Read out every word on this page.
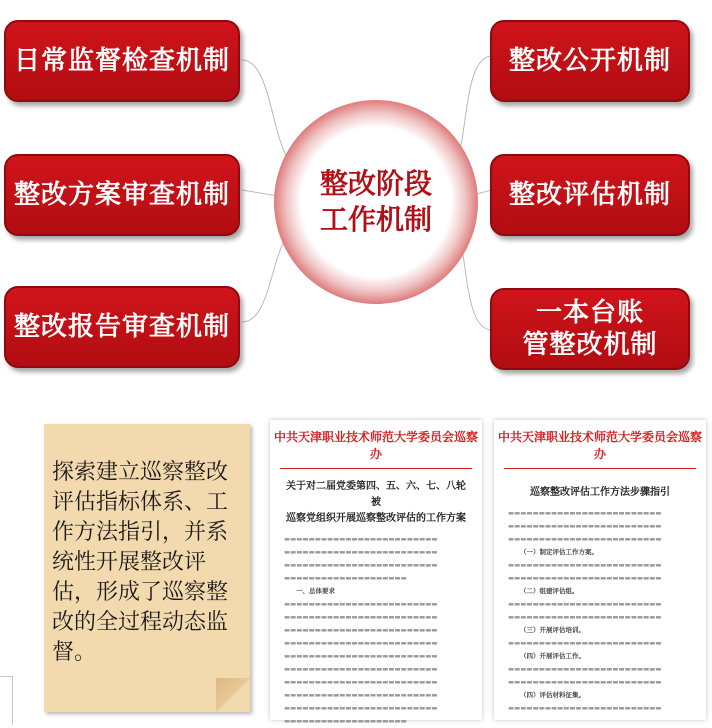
日常监督检查机制
整改方案审查机制
整改报告审查机制
整改公开机制
整改评估机制
一本台账
管整改机制
整改阶段
工作机制
探索建立巡察整改评估指标体系、工作方法指引，并系统性开展整改评估，形成了巡察整改的全过程动态监督。
中共天津职业技术师范大学委员会巡察办
关于对二届党委第四、五、六、七、八轮被
巡察党组织开展巡察整改评估的工作方案
▬▬▬▬▬▬▬▬▬▬▬▬▬▬▬▬▬▬▬▬▬▬▬▬▬
▬▬▬▬▬▬▬▬▬▬▬▬▬▬▬▬▬▬▬▬▬▬▬▬▬
▬▬▬▬▬▬▬▬▬▬▬▬▬▬▬▬▬▬▬▬▬▬▬▬▬
▬▬▬▬▬▬▬▬▬▬▬▬▬▬▬▬▬▬▬▬
一、总体要求
▬▬▬▬▬▬▬▬▬▬▬▬▬▬▬▬▬▬▬▬▬▬▬▬▬
▬▬▬▬▬▬▬▬▬▬▬▬▬▬▬▬▬▬▬▬▬▬▬▬▬
▬▬▬▬▬▬▬▬▬▬▬▬▬▬▬▬▬▬▬▬▬▬▬▬▬
▬▬▬▬▬▬▬▬▬▬▬▬▬▬▬▬▬▬▬▬▬▬▬▬▬
▬▬▬▬▬▬▬▬▬▬▬▬▬▬▬▬▬▬▬▬▬▬▬▬▬
▬▬▬▬▬▬▬▬▬▬▬▬▬▬▬▬▬▬▬▬▬▬▬▬▬
▬▬▬▬▬▬▬▬▬▬▬▬▬▬▬▬▬▬▬▬▬▬▬▬▬
▬▬▬▬▬▬▬▬▬▬▬▬▬▬▬▬▬▬▬▬▬▬▬▬▬
▬▬▬▬▬▬▬▬▬▬▬▬▬▬▬▬▬▬▬▬▬▬▬▬▬
▬▬▬▬▬▬▬▬▬▬▬▬▬▬▬▬▬▬▬▬
中共天津职业技术师范大学委员会巡察办
巡察整改评估工作方法步骤指引
▬▬▬▬▬▬▬▬▬▬▬▬▬▬▬▬▬▬▬▬▬▬▬▬▬
▬▬▬▬▬▬▬▬▬▬▬▬▬▬▬▬▬▬▬▬▬▬▬▬▬
▬▬▬▬▬▬▬▬▬▬▬▬▬▬▬▬▬▬▬▬▬▬▬▬▬
（一）制定评估工作方案。
▬▬▬▬▬▬▬▬▬▬▬▬▬▬▬▬▬▬▬▬▬▬▬▬▬
▬▬▬▬▬▬▬▬▬▬▬▬▬▬▬▬▬▬▬▬▬▬▬▬▬
（二）组建评估组。
▬▬▬▬▬▬▬▬▬▬▬▬▬▬▬▬▬▬▬▬▬▬▬▬▬
▬▬▬▬▬▬▬▬▬▬▬▬▬▬▬▬▬▬▬▬▬▬▬▬▬
（三）开展评估培训。
▬▬▬▬▬▬▬▬▬▬▬▬▬▬▬▬▬▬▬▬▬▬▬▬▬
（四）开展评估工作。
▬▬▬▬▬▬▬▬▬▬▬▬▬▬▬▬▬▬▬▬▬▬▬▬▬
▬▬▬▬▬▬▬▬▬▬▬▬▬▬▬▬▬▬▬▬▬▬▬▬▬
（四）评估材料征集。
▬▬▬▬▬▬▬▬▬▬▬▬▬▬▬▬▬▬▬▬▬▬▬▬▬
